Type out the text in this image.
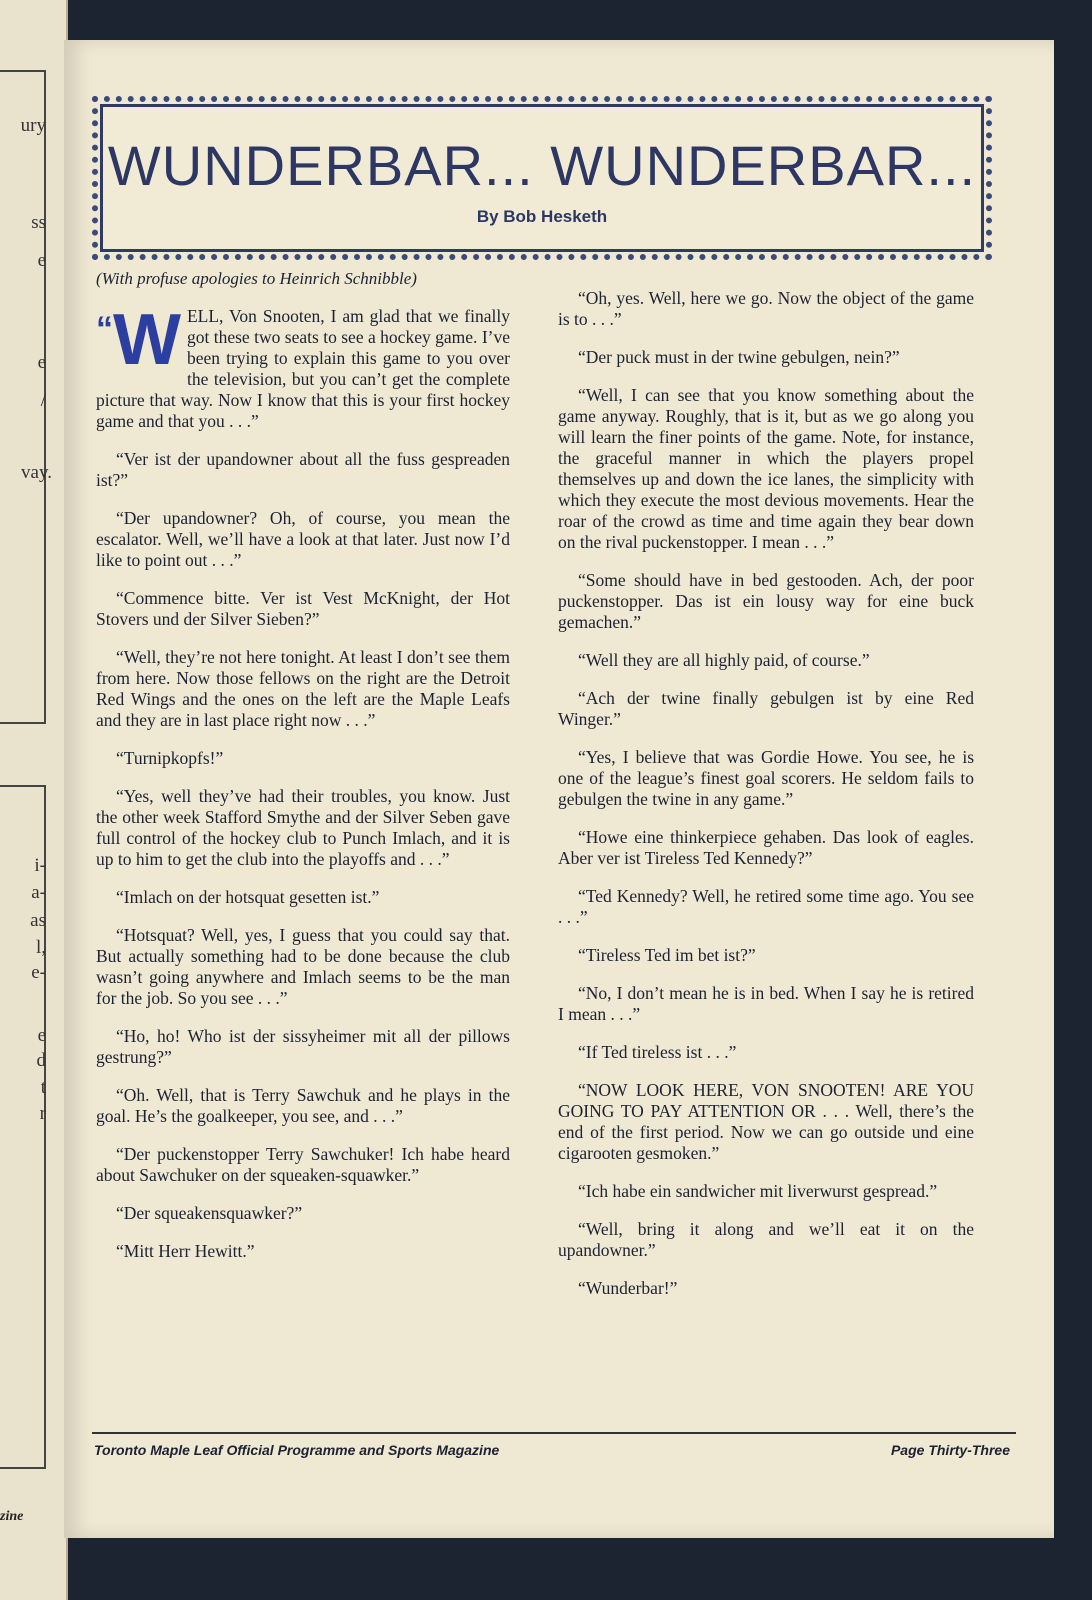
ury
ss
e
e
/
vay.
i-
a-
as
l,
e-
e
d
t
r
zine
WUNDERBAR... WUNDERBAR...
By Bob Hesketh

(With profuse apologies to Heinrich Schnibble)

“ W ELL, Von Snooten, I am glad that we finally got these two seats to see a hockey game. I’ve been trying to explain this game to you over the television, but you can’t get the complete picture that way. Now I know that this is your first hockey game and that you . . .”

“Ver ist der upandowner about all the fuss gespreaden ist?”

“Der upandowner? Oh, of course, you mean the escalator. Well, we’ll have a look at that later. Just now I’d like to point out . . .”

“Commence bitte. Ver ist Vest McKnight, der Hot Stovers und der Silver Sieben?”

“Well, they’re not here tonight. At least I don’t see them from here. Now those fellows on the right are the Detroit Red Wings and the ones on the left are the Maple Leafs and they are in last place right now . . .”

“Turnipkopfs!”

“Yes, well they’ve had their troubles, you know. Just the other week Stafford Smythe and der Silver Seben gave full control of the hockey club to Punch Imlach, and it is up to him to get the club into the playoffs and . . .”

“Imlach on der hotsquat gesetten ist.”

“Hotsquat? Well, yes, I guess that you could say that. But actually something had to be done because the club wasn’t going anywhere and Imlach seems to be the man for the job. So you see . . .”

“Ho, ho! Who ist der sissyheimer mit all der pillows gestrung?”

“Oh. Well, that is Terry Sawchuk and he plays in the goal. He’s the goalkeeper, you see, and . . .”

“Der puckenstopper Terry Sawchuker! Ich habe heard about Sawchuker on der squeaken-squawker.”

“Der squeakensquawker?”

“Mitt Herr Hewitt.”

“Oh, yes. Well, here we go. Now the object of the game is to . . .”

“Der puck must in der twine gebulgen, nein?”

“Well, I can see that you know something about the game anyway. Roughly, that is it, but as we go along you will learn the finer points of the game. Note, for instance, the graceful manner in which the players propel themselves up and down the ice lanes, the simplicity with which they execute the most devious movements. Hear the roar of the crowd as time and time again they bear down on the rival puckenstopper. I mean . . .”

“Some should have in bed gestooden. Ach, der poor puckenstopper. Das ist ein lousy way for eine buck gemachen.”

“Well they are all highly paid, of course.”

“Ach der twine finally gebulgen ist by eine Red Winger.”

“Yes, I believe that was Gordie Howe. You see, he is one of the league’s finest goal scorers. He seldom fails to gebulgen the twine in any game.”

“Howe eine thinkerpiece gehaben. Das look of eagles. Aber ver ist Tireless Ted Kennedy?”

“Ted Kennedy? Well, he retired some time ago. You see . . .”

“Tireless Ted im bet ist?”

“No, I don’t mean he is in bed. When I say he is retired I mean . . .”

“If Ted tireless ist . . .”

“NOW LOOK HERE, VON SNOOTEN! ARE YOU GOING TO PAY ATTENTION OR . . . Well, there’s the end of the first period. Now we can go outside und eine cigarooten gesmoken.”

“Ich habe ein sandwicher mit liverwurst gespread.”

“Well, bring it along and we’ll eat it on the upandowner.”

“Wunderbar!”

Toronto Maple Leaf Official Programme and Sports Magazine	Page Thirty-Three
